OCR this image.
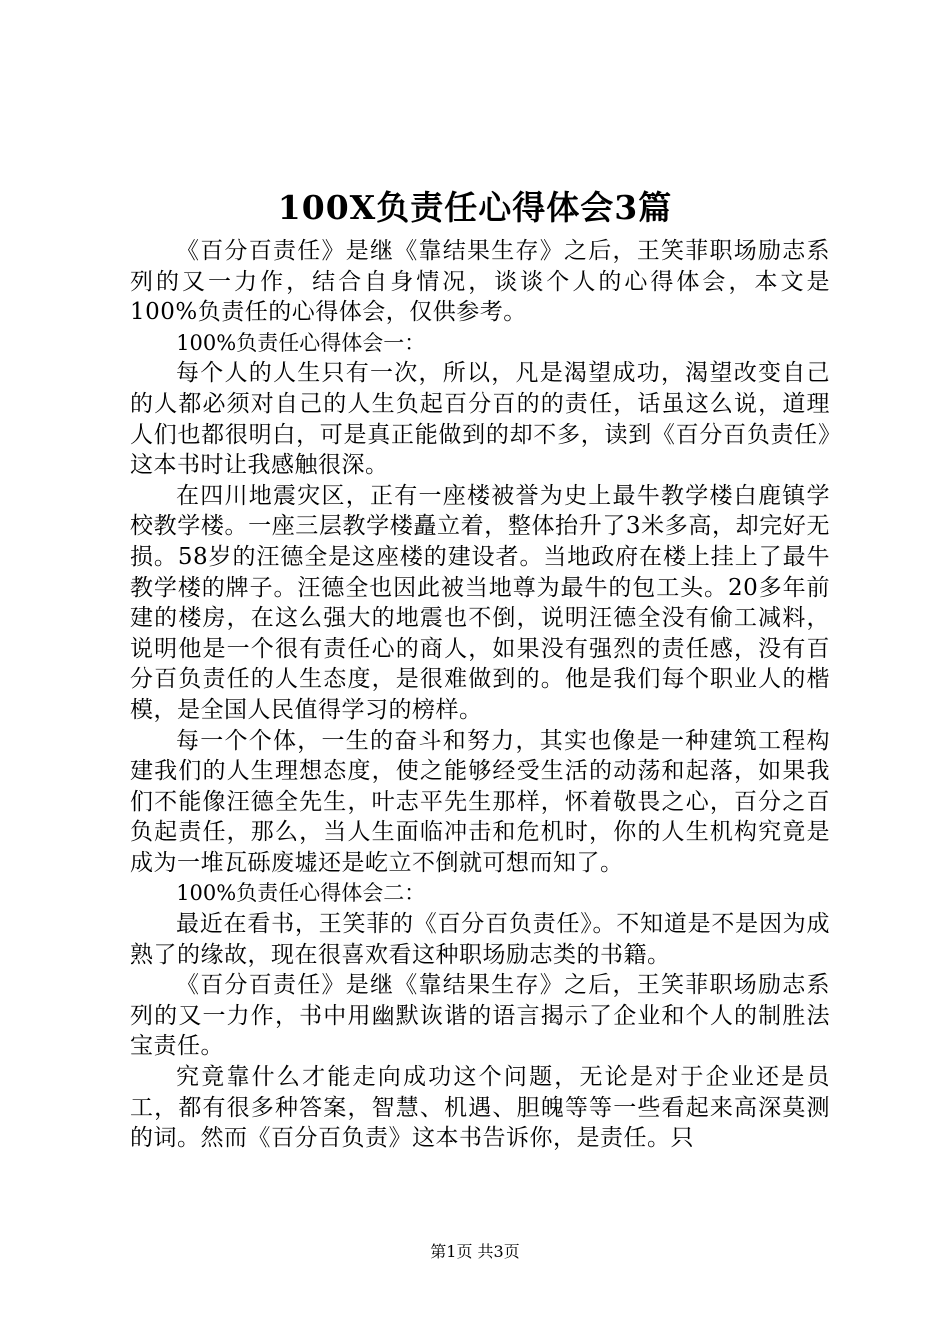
100X负责任心得体会3篇

《百分百责任》是继《靠结果生存》之后，王笑菲职场励志系列的又一力作，结合自身情况，谈谈个人的心得体会，本文是100%负责任的心得体会，仅供参考。

100%负责任心得体会一：

每个人的人生只有一次，所以，凡是渴望成功，渴望改变自己的人都必须对自己的人生负起百分百的的责任，话虽这么说，道理人们也都很明白，可是真正能做到的却不多，读到《百分百负责任》这本书时让我感触很深。

在四川地震灾区，正有一座楼被誉为史上最牛教学楼白鹿镇学校教学楼。一座三层教学楼矗立着，整体抬升了3米多高，却完好无损。58岁的汪德全是这座楼的建设者。当地政府在楼上挂上了最牛教学楼的牌子。汪德全也因此被当地尊为最牛的包工头。20多年前建的楼房，在这么强大的地震也不倒，说明汪德全没有偷工减料，说明他是一个很有责任心的商人，如果没有强烈的责任感，没有百分百负责任的人生态度，是很难做到的。他是我们每个职业人的楷模，是全国人民值得学习的榜样。

每一个个体，一生的奋斗和努力，其实也像是一种建筑工程构建我们的人生理想态度，使之能够经受生活的动荡和起落，如果我们不能像汪德全先生，叶志平先生那样，怀着敬畏之心，百分之百负起责任，那么，当人生面临冲击和危机时，你的人生机构究竟是成为一堆瓦砾废墟还是屹立不倒就可想而知了。

100%负责任心得体会二：

最近在看书，王笑菲的《百分百负责任》。不知道是不是因为成熟了的缘故，现在很喜欢看这种职场励志类的书籍。

《百分百责任》是继《靠结果生存》之后，王笑菲职场励志系列的又一力作，书中用幽默诙谐的语言揭示了企业和个人的制胜法宝责任。

究竟靠什么才能走向成功这个问题，无论是对于企业还是员工，都有很多种答案，智慧、机遇、胆魄等等一些看起来高深莫测的词。然而《百分百负责》这本书告诉你，是责任。只

第1页 共3页
